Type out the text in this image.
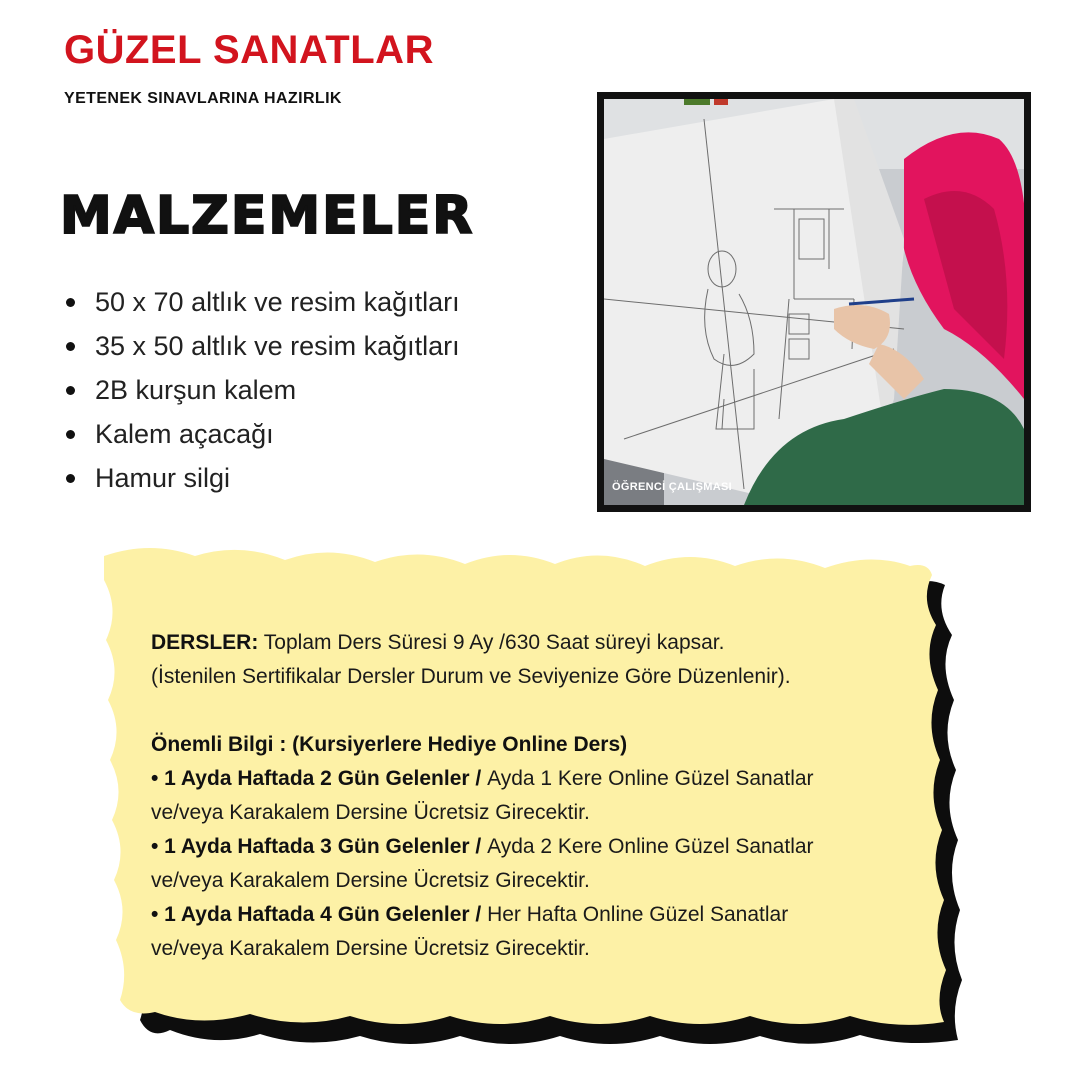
GÜZEL SANATLAR

YETENEK SINAVLARINA HAZIRLIK

MALZEMELER
50 x 70 altlık ve resim kağıtları
35 x 50 altlık ve resim kağıtları
2B kurşun kalem
Kalem açacağı
Hamur silgi	ÖĞRENCİ ÇALIŞMASI

DERSLER: Toplam Ders Süresi 9 Ay /630 Saat süreyi kapsar.

(İstenilen Sertifikalar Dersler Durum ve Seviyenize Göre Düzenlenir).

Önemli Bilgi : (Kursiyerlere Hediye Online Ders)

• 1 Ayda Haftada 2 Gün Gelenler / Ayda 1 Kere Online Güzel Sanatlar

ve/veya Karakalem Dersine Ücretsiz Girecektir.

• 1 Ayda Haftada 3 Gün Gelenler / Ayda 2 Kere Online Güzel Sanatlar

ve/veya Karakalem Dersine Ücretsiz Girecektir.

• 1 Ayda Haftada 4 Gün Gelenler / Her Hafta Online Güzel Sanatlar

ve/veya Karakalem Dersine Ücretsiz Girecektir.
